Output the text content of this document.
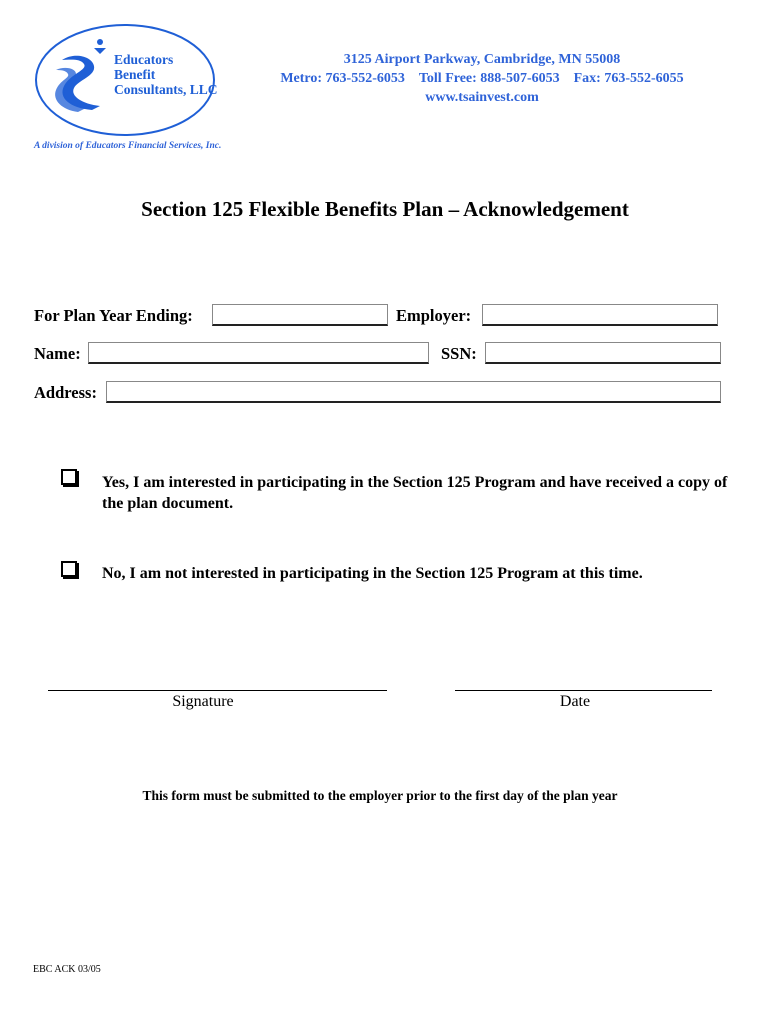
Educators
Benefit
Consultants, LLC
A division of Educators Financial Services, Inc.
3125 Airport Parkway, Cambridge, MN 55008
Metro: 763-552-6053 Toll Free: 888-507-6053 Fax: 763-552-6055
www.tsainvest.com
Section 125 Flexible Benefits Plan – Acknowledgement
For Plan Year Ending:	Employer:
Name:	SSN:
Address:
Yes, I am interested in participating in the Section 125 Program and have received a copy of the plan document.
No, I am not interested in participating in the Section 125 Program at this time.
Signature	Date
This form must be submitted to the employer prior to the first day of the plan year
EBC ACK 03/05
